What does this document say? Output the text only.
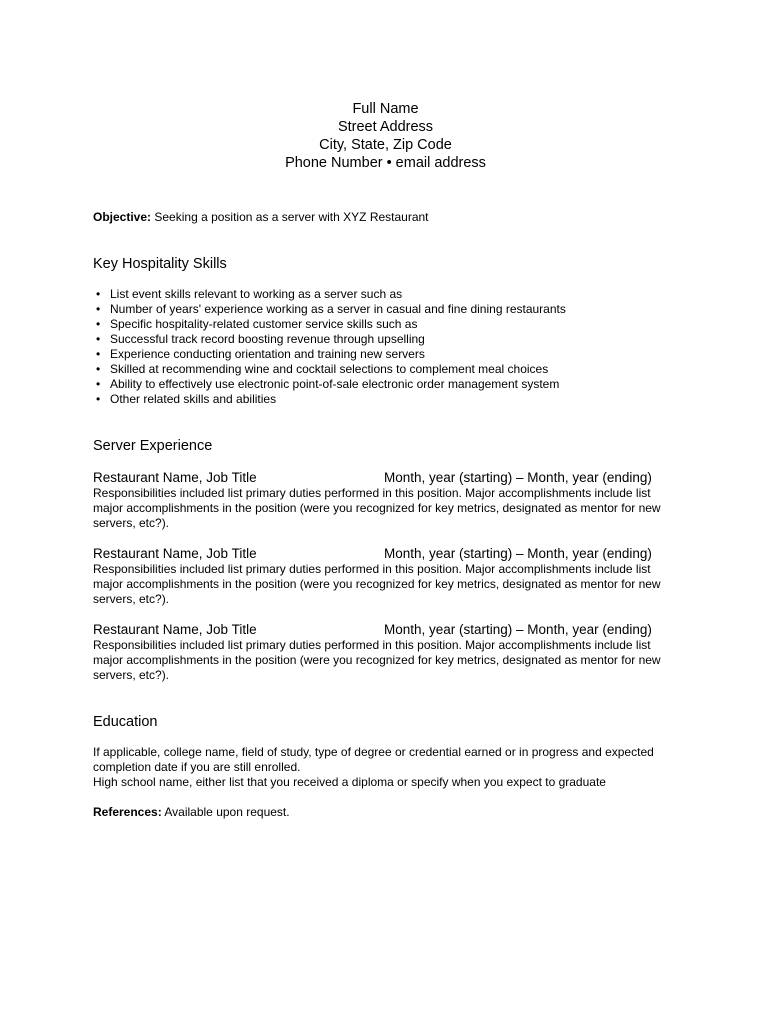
Full Name
Street Address
City, State, Zip Code
Phone Number • email address
Objective: Seeking a position as a server with XYZ Restaurant
Key Hospitality Skills
• List event skills relevant to working as a server such as
• Number of years' experience working as a server in casual and fine dining restaurants
• Specific hospitality-related customer service skills such as
• Successful track record boosting revenue through upselling
• Experience conducting orientation and training new servers
• Skilled at recommending wine and cocktail selections to complement meal choices
• Ability to effectively use electronic point-of-sale electronic order management system
• Other related skills and abilities
Server Experience
Restaurant Name, Job Title	Month, year (starting) – Month, year (ending)
Responsibilities included list primary duties performed in this position. Major accomplishments include list major accomplishments in the position (were you recognized for key metrics, designated as mentor for new servers, etc?).
Restaurant Name, Job Title	Month, year (starting) – Month, year (ending)
Responsibilities included list primary duties performed in this position. Major accomplishments include list major accomplishments in the position (were you recognized for key metrics, designated as mentor for new servers, etc?).
Restaurant Name, Job Title	Month, year (starting) – Month, year (ending)
Responsibilities included list primary duties performed in this position. Major accomplishments include list major accomplishments in the position (were you recognized for key metrics, designated as mentor for new servers, etc?).
Education
If applicable, college name, field of study, type of degree or credential earned or in progress and expected completion date if you are still enrolled.
High school name, either list that you received a diploma or specify when you expect to graduate
References: Available upon request.
